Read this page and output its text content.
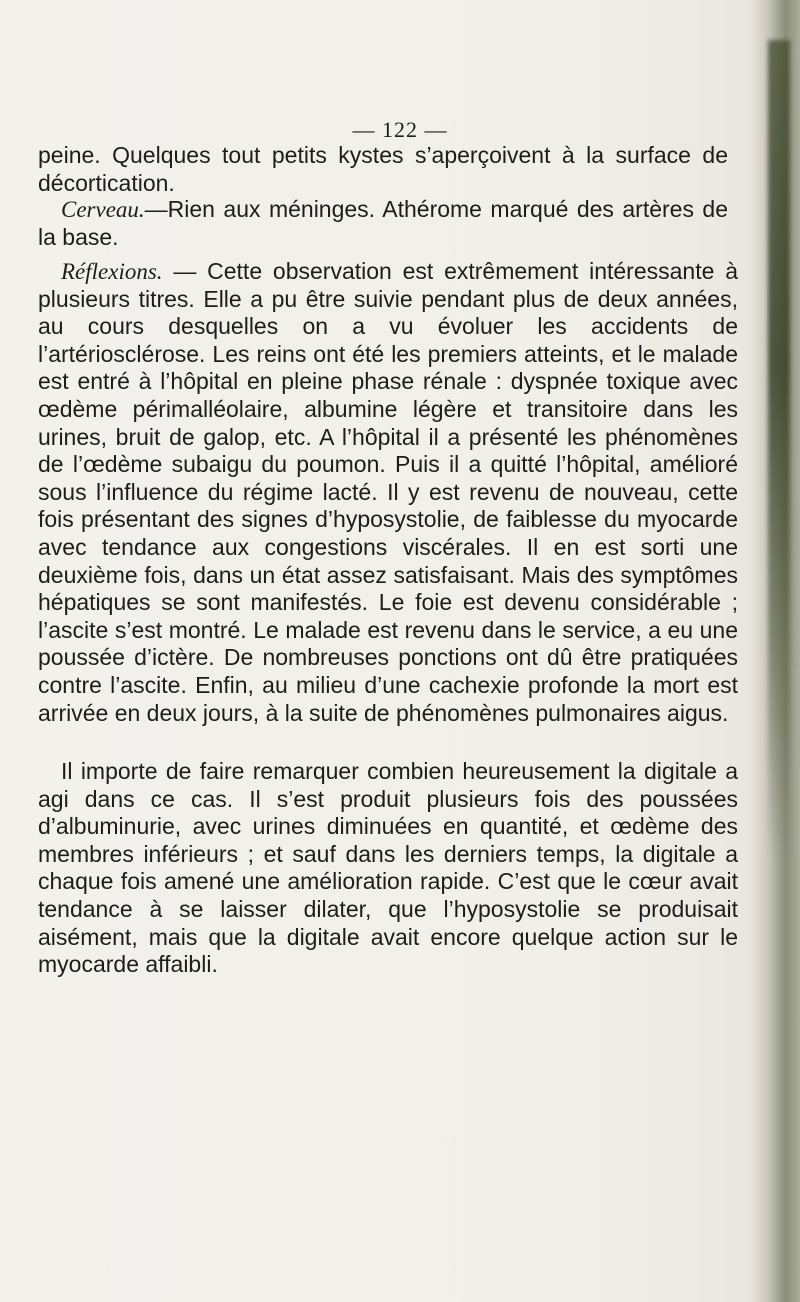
— 122 —

peine. Quelques tout petits kystes s’aperçoivent à la surface de décortication.

Cerveau.—Rien aux méninges. Athérome marqué des artères de la base.

Réflexions. — Cette observation est extrêmement intéressante à plusieurs titres. Elle a pu être suivie pendant plus de deux années, au cours desquelles on a vu évoluer les accidents de l’artériosclérose. Les reins ont été les premiers atteints, et le malade est entré à l’hôpital en pleine phase rénale : dyspnée toxique avec œdème périmalléolaire, albumine légère et transitoire dans les urines, bruit de galop, etc. A l’hôpital il a présenté les phénomènes de l’œdème subaigu du poumon. Puis il a quitté l’hôpital, amélioré sous l’influence du régime lacté. Il y est revenu de nouveau, cette fois présentant des signes d’hyposystolie, de faiblesse du myocarde avec tendance aux congestions viscérales. Il en est sorti une deuxième fois, dans un état assez satisfaisant. Mais des symptômes hépatiques se sont manifestés. Le foie est devenu considérable ; l’ascite s’est montré. Le malade est revenu dans le service, a eu une poussée d’ictère. De nombreuses ponctions ont dû être pratiquées contre l’ascite. Enfin, au milieu d’une cachexie profonde la mort est arrivée en deux jours, à la suite de phénomènes pulmonaires aigus.

Il importe de faire remarquer combien heureusement la digitale a agi dans ce cas. Il s’est produit plusieurs fois des poussées d’albuminurie, avec urines diminuées en quantité, et œdème des membres inférieurs ; et sauf dans les derniers temps, la digitale a chaque fois amené une amélioration rapide. C’est que le cœur avait tendance à se laisser dilater, que l’hyposystolie se produisait aisément, mais que la digitale avait encore quelque action sur le myocarde affaibli.
